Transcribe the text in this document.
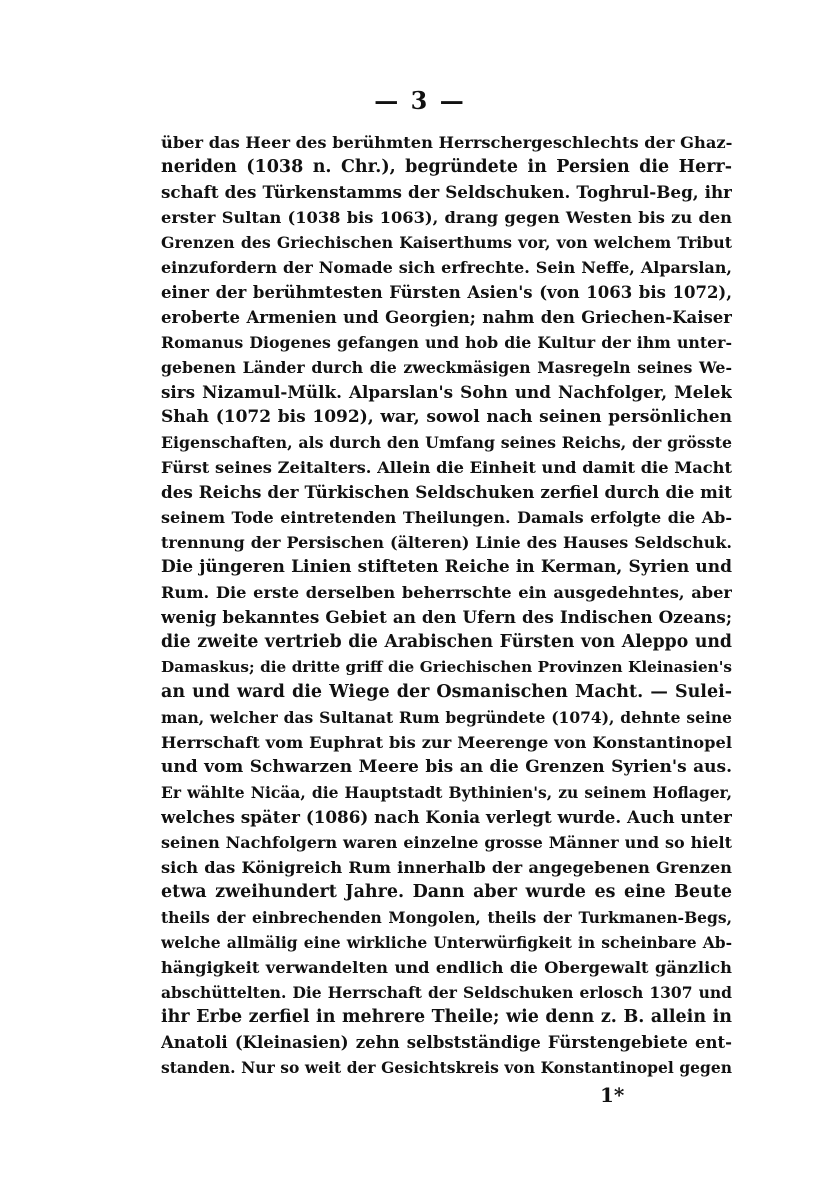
— 3 —
über das Heer des berühmten Herrschergeschlechts der Ghaz-
neriden (1038 n. Chr.), begründete in Persien die Herr-
schaft des Türkenstamms der Seldschuken. Toghrul-Beg, ihr
erster Sultan (1038 bis 1063), drang gegen Westen bis zu den
Grenzen des Griechischen Kaiserthums vor, von welchem Tribut
einzufordern der Nomade sich erfrechte. Sein Neffe, Alparslan,
einer der berühmtesten Fürsten Asien's (von 1063 bis 1072),
eroberte Armenien und Georgien; nahm den Griechen-Kaiser
Romanus Diogenes gefangen und hob die Kultur der ihm unter-
gebenen Länder durch die zweckmäsigen Masregeln seines We-
sirs Nizamul-Mülk. Alparslan's Sohn und Nachfolger, Melek
Shah (1072 bis 1092), war, sowol nach seinen persönlichen
Eigenschaften, als durch den Umfang seines Reichs, der grösste
Fürst seines Zeitalters. Allein die Einheit und damit die Macht
des Reichs der Türkischen Seldschuken zerfiel durch die mit
seinem Tode eintretenden Theilungen. Damals erfolgte die Ab-
trennung der Persischen (älteren) Linie des Hauses Seldschuk.
Die jüngeren Linien stifteten Reiche in Kerman, Syrien und
Rum. Die erste derselben beherrschte ein ausgedehntes, aber
wenig bekanntes Gebiet an den Ufern des Indischen Ozeans;
die zweite vertrieb die Arabischen Fürsten von Aleppo und
Damaskus; die dritte griff die Griechischen Provinzen Kleinasien's
an und ward die Wiege der Osmanischen Macht. — Sulei-
man, welcher das Sultanat Rum begründete (1074), dehnte seine
Herrschaft vom Euphrat bis zur Meerenge von Konstantinopel
und vom Schwarzen Meere bis an die Grenzen Syrien's aus.
Er wählte Nicäa, die Hauptstadt Bythinien's, zu seinem Hoflager,
welches später (1086) nach Konia verlegt wurde. Auch unter
seinen Nachfolgern waren einzelne grosse Männer und so hielt
sich das Königreich Rum innerhalb der angegebenen Grenzen
etwa zweihundert Jahre. Dann aber wurde es eine Beute
theils der einbrechenden Mongolen, theils der Turkmanen-Begs,
welche allmälig eine wirkliche Unterwürfigkeit in scheinbare Ab-
hängigkeit verwandelten und endlich die Obergewalt gänzlich
abschüttelten. Die Herrschaft der Seldschuken erlosch 1307 und
ihr Erbe zerfiel in mehrere Theile; wie denn z. B. allein in
Anatoli (Kleinasien) zehn selbstständige Fürstengebiete ent-
standen. Nur so weit der Gesichtskreis von Konstantinopel gegen
1*
